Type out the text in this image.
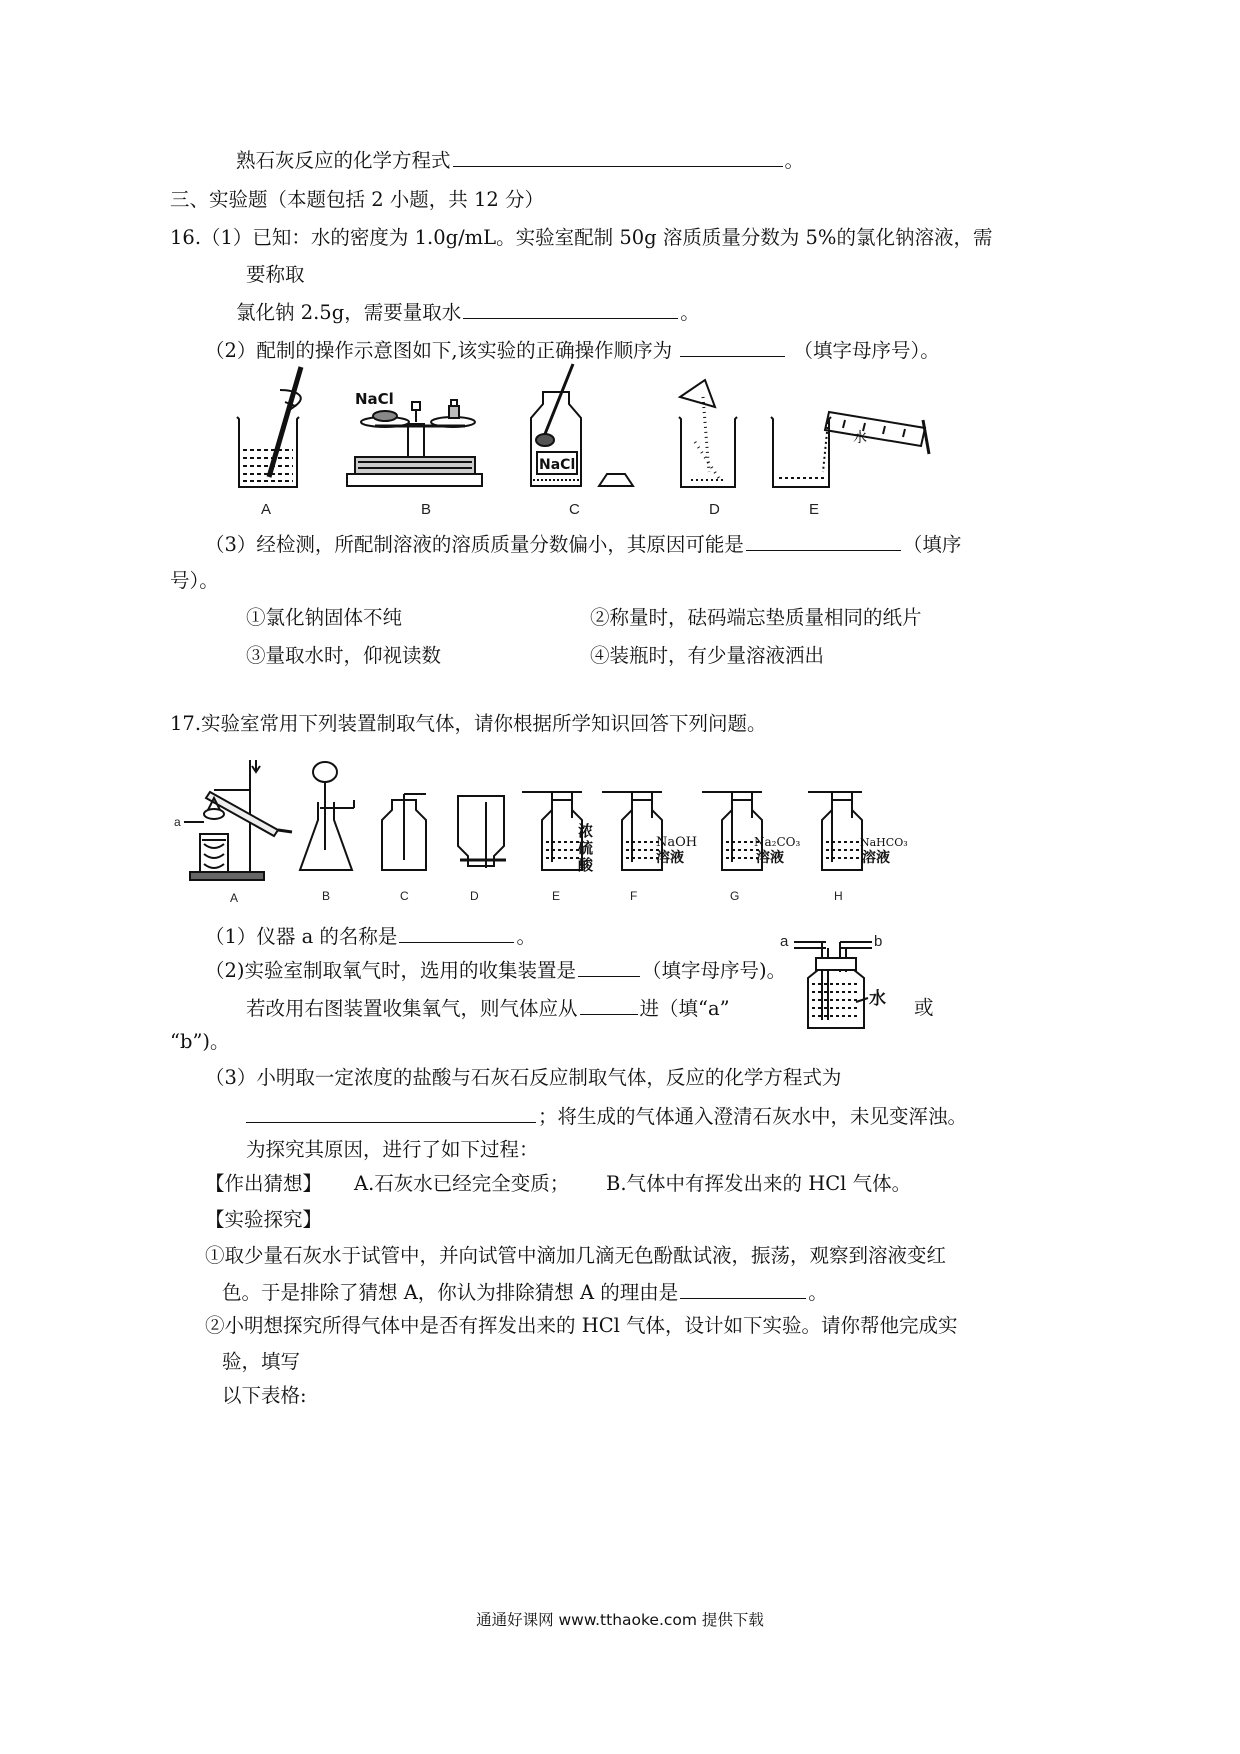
熟石灰反应的化学方程式	。
三、实验题（本题包括 2 小题，共 12 分）
16.（1）已知：水的密度为 1.0g/mL。实验室配制 50g 溶质质量分数为 5%的氯化钠溶液，需
要称取
氯化钠 2.5g，需要量取水	。
（2）配制的操作示意图如下,该实验的正确操作顺序为	（填字母序号）。
NaCl
NaCl
水
A	B	C	D	E
（3）经检测，所配制溶液的溶质质量分数偏小，其原因可能是	（填序
号）。
①氯化钠固体不纯	②称量时，砝码端忘垫质量相同的纸片
③量取水时，仰视读数	④装瓶时，有少量溶液洒出
17.实验室常用下列装置制取气体，请你根据所学知识回答下列问题。
a	浓
硫
酸
NaOH
溶液
Na₂CO₃
溶液
NaHCO₃
溶液
A	B	C	D	E	F	G	H
（1）仪器 a 的名称是	。
（2)实验室制取氧气时，选用的收集装置是	（填字母序号)。
若改用右图装置收集氧气，则气体应从	进（填“a”	或
“b”)。
a	b
水
（3）小明取一定浓度的盐酸与石灰石反应制取气体，反应的化学方程式为
；将生成的气体通入澄清石灰水中，未见变浑浊。
为探究其原因，进行了如下过程：
【作出猜想】 A.石灰水已经完全变质； B.气体中有挥发出来的 HCl 气体。
【实验探究】
①取少量石灰水于试管中，并向试管中滴加几滴无色酚酞试液，振荡，观察到溶液变红
色。于是排除了猜想 A，你认为排除猜想 A 的理由是	。
②小明想探究所得气体中是否有挥发出来的 HCl 气体，设计如下实验。请你帮他完成实
验，填写
以下表格:
通通好课网 www.tthaoke.com 提供下载
